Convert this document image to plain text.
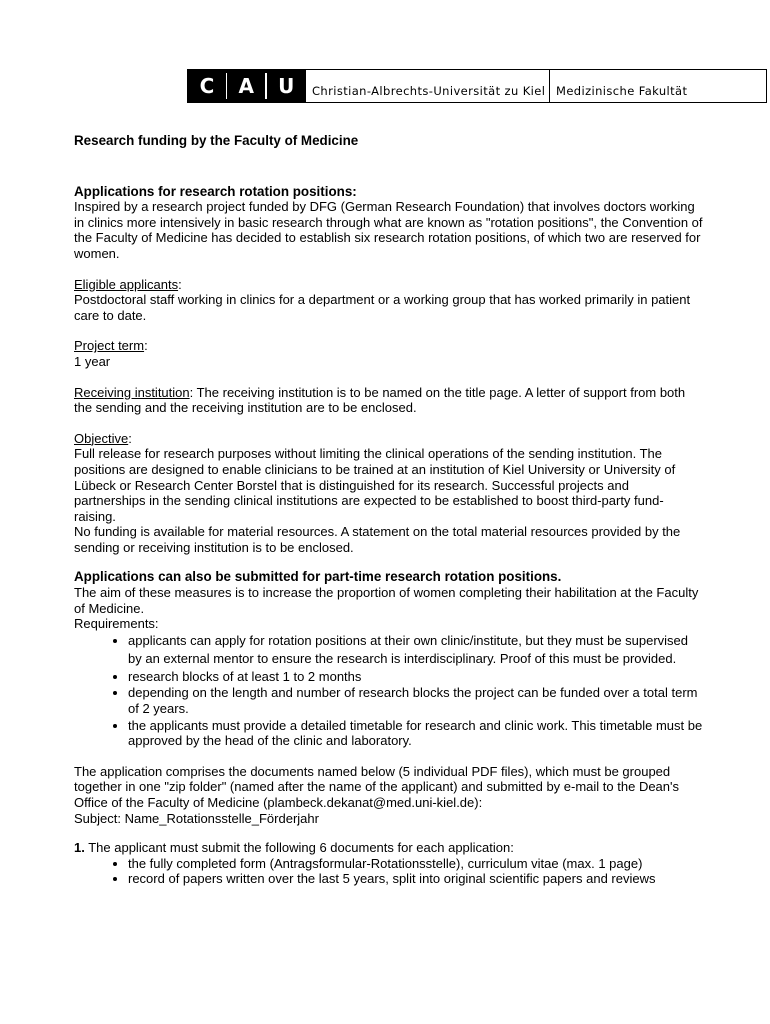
C A U	Christian-Albrechts-Universität zu Kiel Medizinische Fakultät

Research funding by the Faculty of Medicine

Applications for research rotation positions:

Inspired by a research project funded by DFG (German Research Foundation) that involves doctors working in clinics more intensively in basic research through what are known as "rotation positions", the Convention of the Faculty of Medicine has decided to establish six research rotation positions, of which two are reserved for women.

Eligible applicants:

Postdoctoral staff working in clinics for a department or a working group that has worked primarily in patient care to date.

Project term:

1 year

Receiving institution: The receiving institution is to be named on the title page. A letter of support from both the sending and the receiving institution are to be enclosed.

Objective:

Full release for research purposes without limiting the clinical operations of the sending institution. The positions are designed to enable clinicians to be trained at an institution of Kiel University or University of Lübeck or Research Center Borstel that is distinguished for its research. Successful projects and partnerships in the sending clinical institutions are expected to be established to boost third-party fund-raising.

No funding is available for material resources. A statement on the total material resources provided by the sending or receiving institution is to be enclosed.

Applications can also be submitted for part-time research rotation positions.

The aim of these measures is to increase the proportion of women completing their habilitation at the Faculty of Medicine.

Requirements:

• applicants can apply for rotation positions at their own clinic/institute, but they must be supervised by an external mentor to ensure the research is interdisciplinary. Proof of this must be provided.
• research blocks of at least 1 to 2 months
• depending on the length and number of research blocks the project can be funded over a total term of 2 years.
• the applicants must provide a detailed timetable for research and clinic work. This timetable must be approved by the head of the clinic and laboratory.

The application comprises the documents named below (5 individual PDF files), which must be grouped together in one "zip folder" (named after the name of the applicant) and submitted by e-mail to the Dean's Office of the Faculty of Medicine (plambeck.dekanat@med.uni-kiel.de):

Subject: Name_Rotationsstelle_Förderjahr

1. The applicant must submit the following 6 documents for each application:

• the fully completed form (Antragsformular-Rotationsstelle), curriculum vitae (max. 1 page)
• record of papers written over the last 5 years, split into original scientific papers and reviews
